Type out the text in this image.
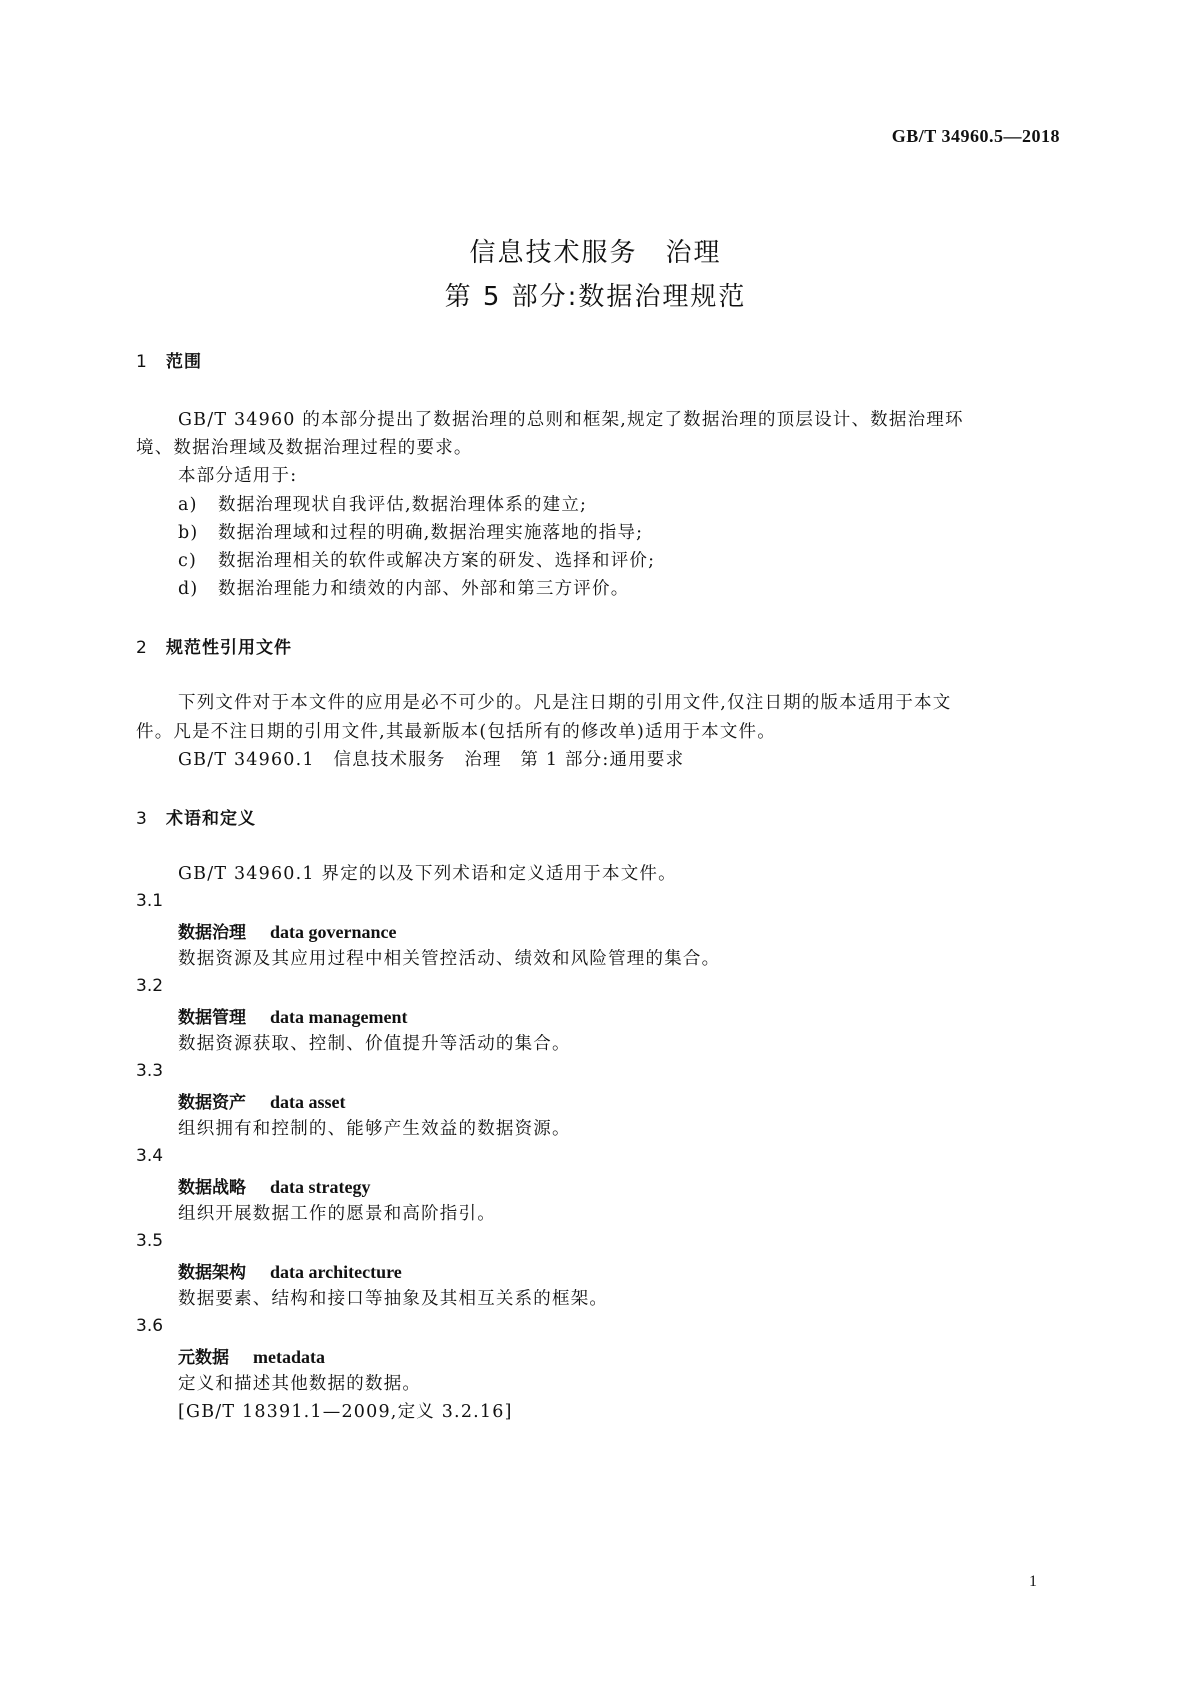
GB/T 34960.5—2018
信息技术服务　治理
第 5 部分:数据治理规范
1 范围
GB/T 34960 的本部分提出了数据治理的总则和框架,规定了数据治理的顶层设计、数据治理环
境、数据治理域及数据治理过程的要求。
本部分适用于:
a) 数据治理现状自我评估,数据治理体系的建立;
b) 数据治理域和过程的明确,数据治理实施落地的指导;
c) 数据治理相关的软件或解决方案的研发、选择和评价;
d) 数据治理能力和绩效的内部、外部和第三方评价。
2 规范性引用文件
下列文件对于本文件的应用是必不可少的。凡是注日期的引用文件,仅注日期的版本适用于本文
件。凡是不注日期的引用文件,其最新版本(包括所有的修改单)适用于本文件。
GB/T 34960.1　信息技术服务　治理　第 1 部分:通用要求
3 术语和定义
GB/T 34960.1 界定的以及下列术语和定义适用于本文件。
3.1
数据治理 data governance
数据资源及其应用过程中相关管控活动、绩效和风险管理的集合。
3.2
数据管理 data management
数据资源获取、控制、价值提升等活动的集合。
3.3
数据资产 data asset
组织拥有和控制的、能够产生效益的数据资源。
3.4
数据战略 data strategy
组织开展数据工作的愿景和高阶指引。
3.5
数据架构 data architecture
数据要素、结构和接口等抽象及其相互关系的框架。
3.6
元数据 metadata
定义和描述其他数据的数据。
[GB/T 18391.1—2009,定义 3.2.16]
1
